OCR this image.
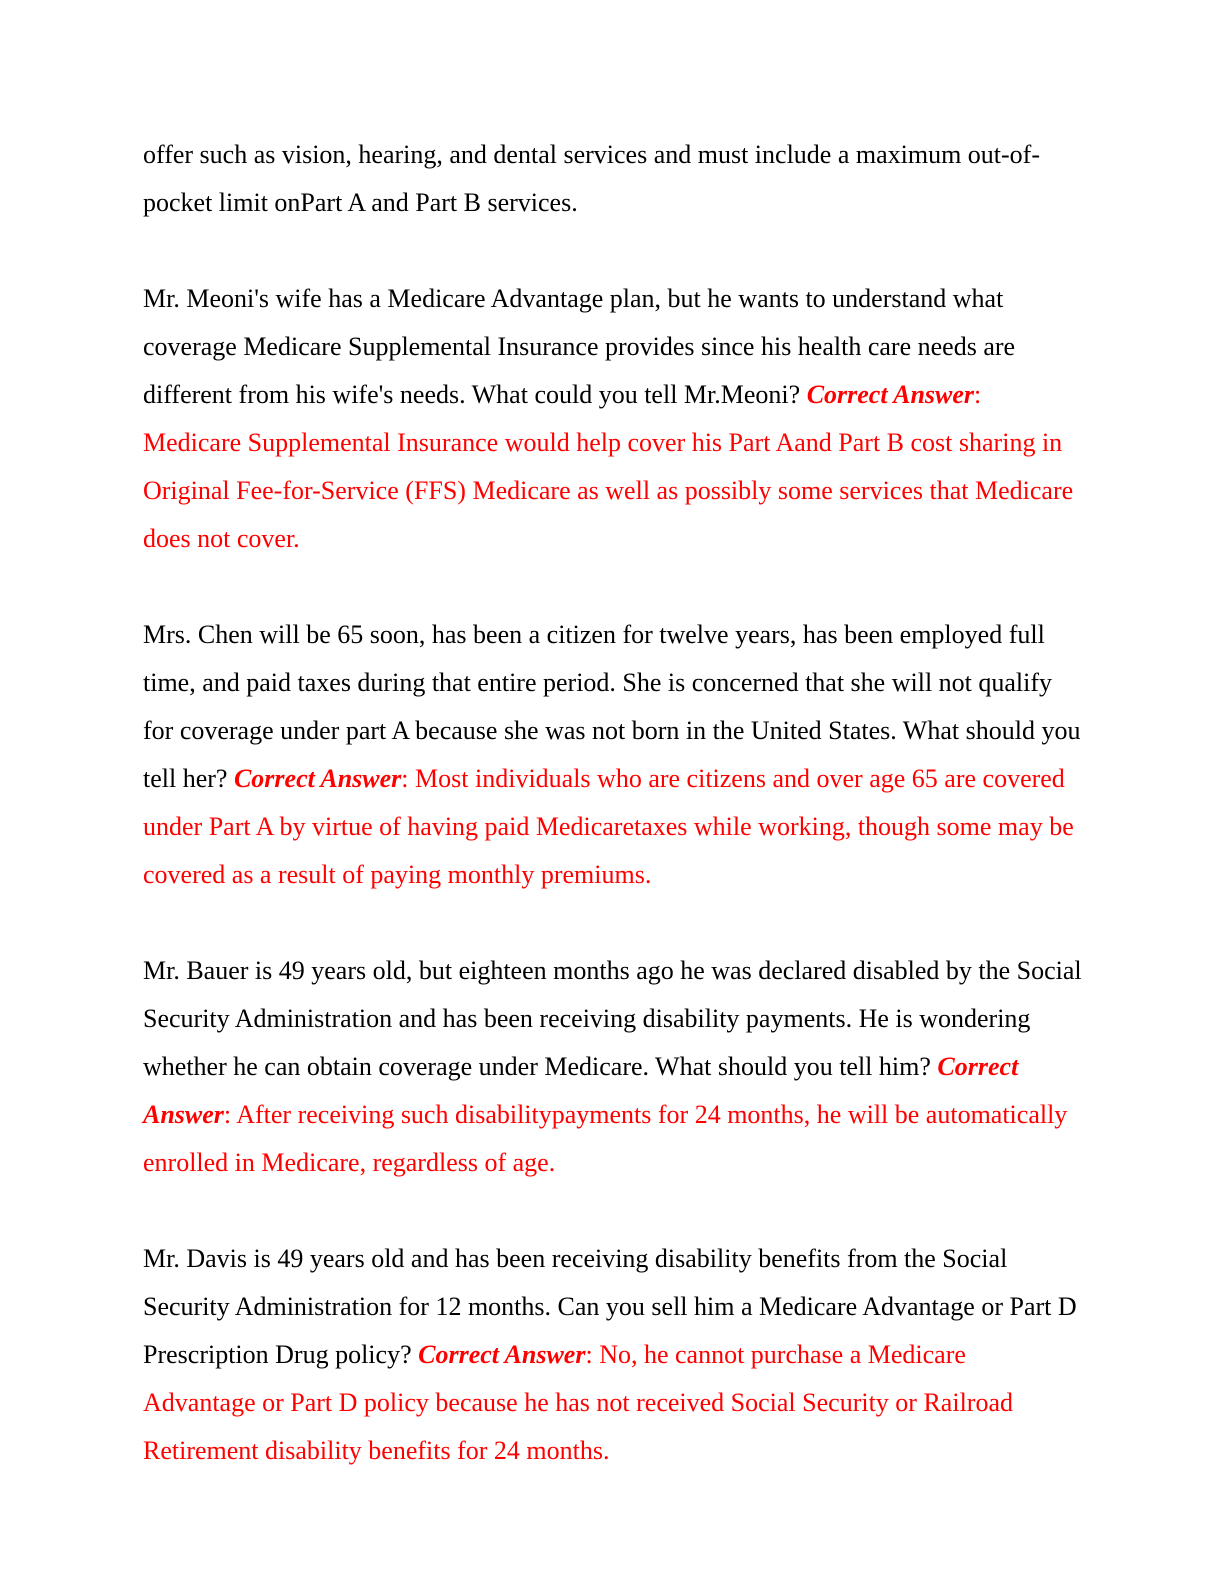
offer such as vision, hearing, and dental services and must include a maximum out-of-pocket limit onPart A and Part B services.

Mr. Meoni's wife has a Medicare Advantage plan, but he wants to understand what coverage Medicare Supplemental Insurance provides since his health care needs are different from his wife's needs. What could you tell Mr.Meoni? Correct Answer: Medicare Supplemental Insurance would help cover his Part Aand Part B cost sharing in Original Fee-for-Service (FFS) Medicare as well as possibly some services that Medicare does not cover.

Mrs. Chen will be 65 soon, has been a citizen for twelve years, has been employed full time, and paid taxes during that entire period. She is concerned that she will not qualify for coverage under part A because she was not born in the United States. What should you tell her? Correct Answer: Most individuals who are citizens and over age 65 are covered under Part A by virtue of having paid Medicaretaxes while working, though some may be covered as a result of paying monthly premiums.

Mr. Bauer is 49 years old, but eighteen months ago he was declared disabled by the Social Security Administration and has been receiving disability payments. He is wondering whether he can obtain coverage under Medicare. What should you tell him? Correct Answer: After receiving such disabilitypayments for 24 months, he will be automatically enrolled in Medicare, regardless of age.

Mr. Davis is 49 years old and has been receiving disability benefits from the Social Security Administration for 12 months. Can you sell him a Medicare Advantage or Part D Prescription Drug policy? Correct Answer: No, he cannot purchase a Medicare Advantage or Part D policy because he has not received Social Security or Railroad Retirement disability benefits for 24 months.
